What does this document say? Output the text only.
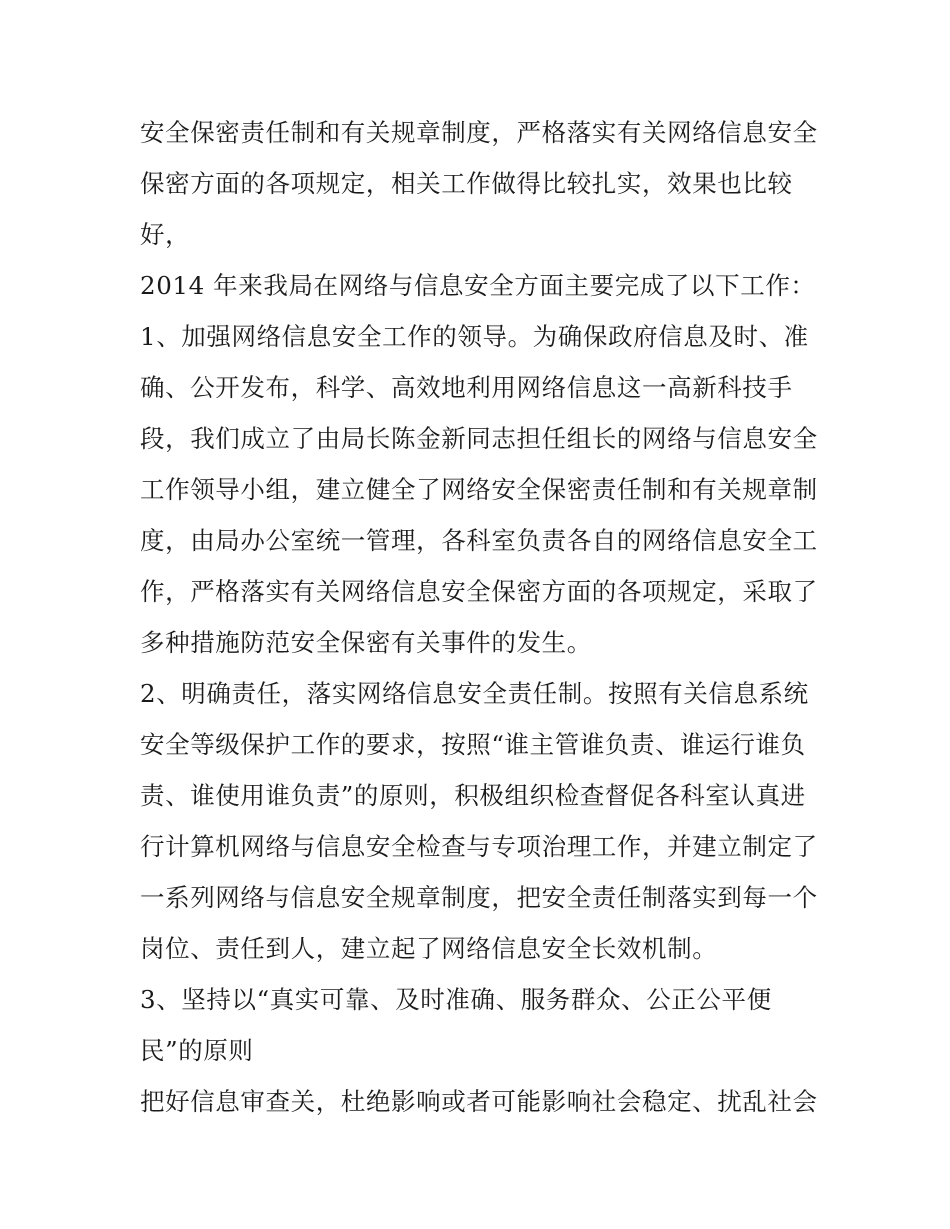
安全保密责任制和有关规章制度，严格落实有关网络信息安全
保密方面的各项规定，相关工作做得比较扎实，效果也比较
好，
2014 年来我局在网络与信息安全方面主要完成了以下工作：
1、加强网络信息安全工作的领导。为确保政府信息及时、准
确、公开发布，科学、高效地利用网络信息这一高新科技手
段，我们成立了由局长陈金新同志担任组长的网络与信息安全
工作领导小组，建立健全了网络安全保密责任制和有关规章制
度，由局办公室统一管理，各科室负责各自的网络信息安全工
作，严格落实有关网络信息安全保密方面的各项规定，采取了
多种措施防范安全保密有关事件的发生。
2、明确责任，落实网络信息安全责任制。按照有关信息系统
安全等级保护工作的要求，按照“谁主管谁负责、谁运行谁负
责、谁使用谁负责”的原则，积极组织检查督促各科室认真进
行计算机网络与信息安全检查与专项治理工作，并建立制定了
一系列网络与信息安全规章制度，把安全责任制落实到每一个
岗位、责任到人，建立起了网络信息安全长效机制。
3、坚持以“真实可靠、及时准确、服务群众、公正公平便
民”的原则
把好信息审查关，杜绝影响或者可能影响社会稳定、扰乱社会
